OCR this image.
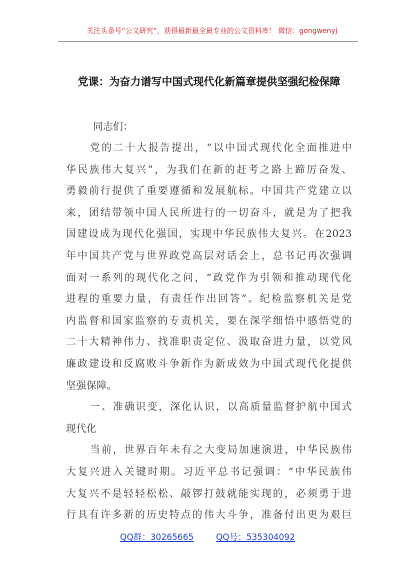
关注头条号“公文研究”，获得最新最全最专业的公文资料库！ 微信：gongwenyj
党课：为奋力谱写中国式现代化新篇章提供坚强纪检保障
同志们：
党的二十大报告提出，“以中国式现代化全面推进中
华民族伟大复兴”，为我们在新的赶考之路上蹄厉奋发、
勇毅前行提供了重要遵循和发展航标。中国共产党建立以
来，团结带领中国人民所进行的一切奋斗，就是为了把我
国建设成为现代化强国，实现中华民族伟大复兴。在2023
年中国共产党与世界政党高层对话会上，总书记再次强调
面对一系列的现代化之问，“政党作为引领和推动现代化
进程的重要力量，有责任作出回答”。纪检监察机关是党
内监督和国家监察的专责机关，要在深学细悟中感悟党的
二十大精神伟力、找准职责定位、汲取奋进力量，以党风
廉政建设和反腐败斗争新作为新成效为中国式现代化提供
坚强保障。
一、准确识变，深化认识，以高质量监督护航中国式
现代化
当前，世界百年未有之大变局加速演进，中华民族伟
大复兴进入关键时期。习近平总书记强调：“中华民族伟
大复兴不是轻轻松松、敲锣打鼓就能实现的，必须勇于进
行具有许多新的历史特点的伟大斗争，准备付出更为艰巨
QQ群：30265665	QQ号：535304092
